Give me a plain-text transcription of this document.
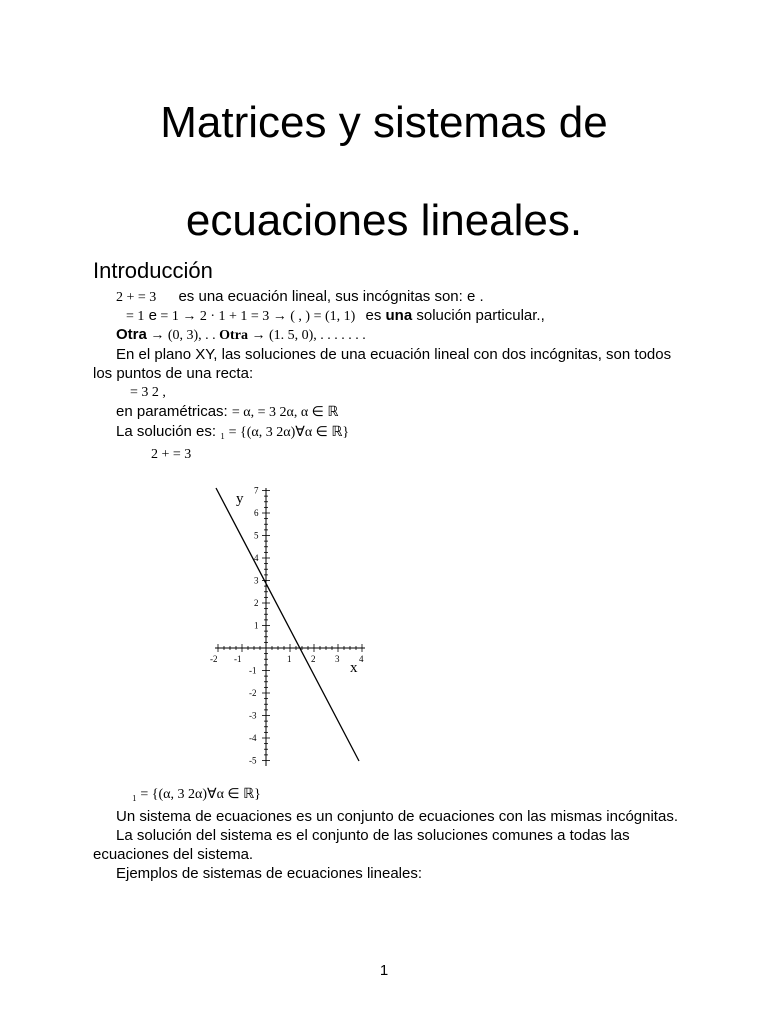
Matrices y sistemas de
ecuaciones lineales.
Introducción
2 + = 3 es una ecuación lineal, sus incógnitas son: e .
= 1 e = 1 → 2 · 1 + 1 = 3 → ( , ) = (1, 1) es una solución particular.,
Otra → (0, 3), . . Otra → (1. 5, 0), . . . . . . .
En el plano XY, las soluciones de una ecuación lineal con dos incógnitas, son todos
los puntos de una recta:
= 3 2 ,
en paramétricas: = α, = 3 2α, α ∈ ℝ
La solución es: ₁ = {(α, 3 2α)∀α ∈ ℝ}
2 + = 3
-2 -1	1 2 3 4
7
6
5
4
3
2
1
-1
-2
-3
-4
-5
y
x
₁ = {(α, 3 2α)∀α ∈ ℝ}
Un sistema de ecuaciones es un conjunto de ecuaciones con las mismas incógnitas.
La solución del sistema es el conjunto de las soluciones comunes a todas las
ecuaciones del sistema.
Ejemplos de sistemas de ecuaciones lineales:
1
